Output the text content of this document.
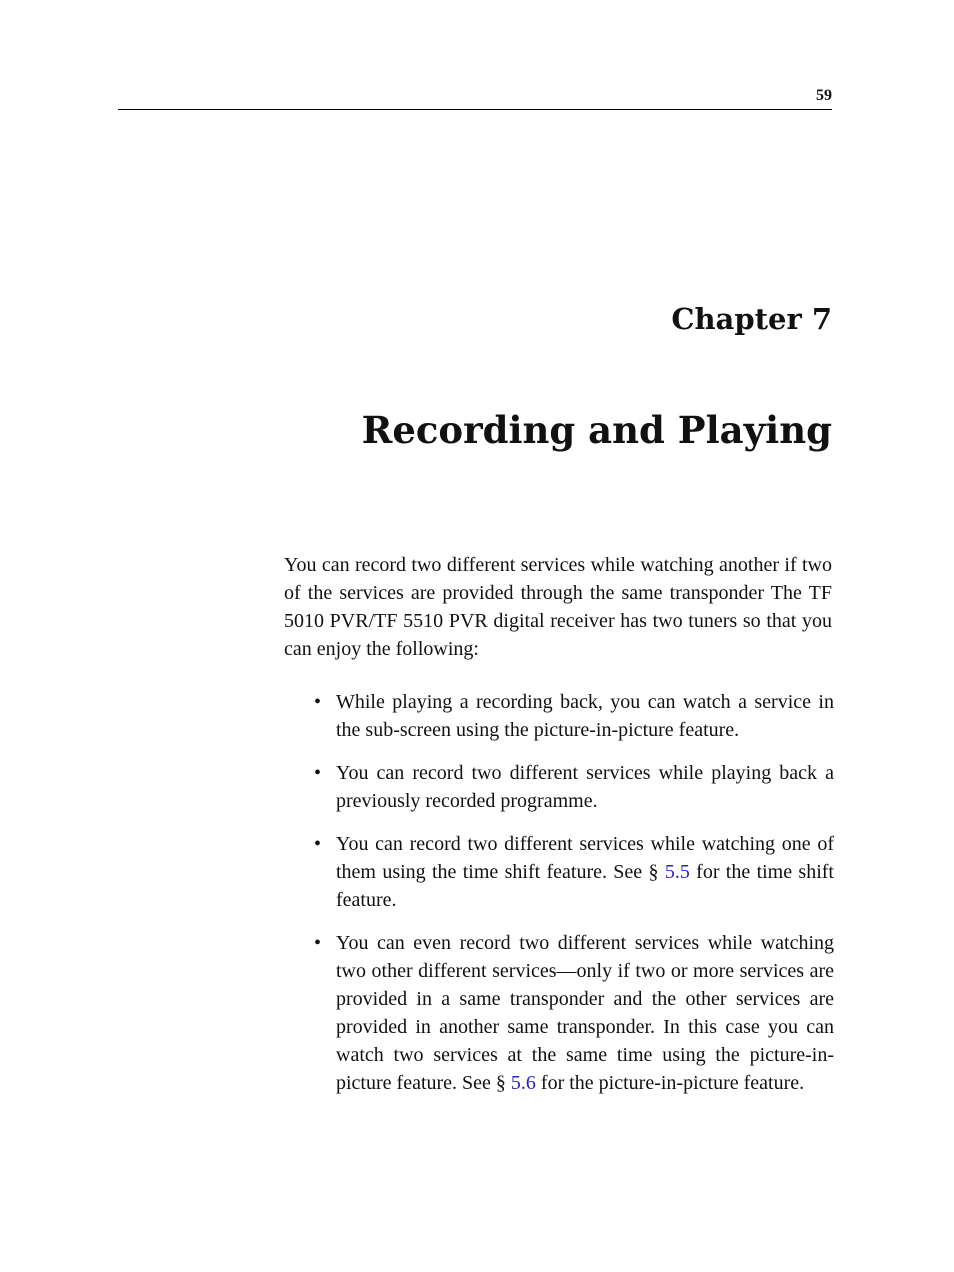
59
Chapter 7
Recording and Playing

You can record two different services while watching another if two of the services are provided through the same transponder The TF 5010 PVR/TF 5510 PVR digital receiver has two tuners so that you can enjoy the following:

• While playing a recording back, you can watch a service in the sub-screen using the picture-in-picture feature.
• You can record two different services while playing back a previously recorded programme.
• You can record two different services while watching one of them using the time shift feature. See § 5.5 for the time shift feature.
• You can even record two different services while watching two other different services—only if two or more services are provided in a same transponder and the other services are provided in another same transponder. In this case you can watch two services at the same time using the picture-in-picture feature. See § 5.6 for the picture-in-picture feature.
